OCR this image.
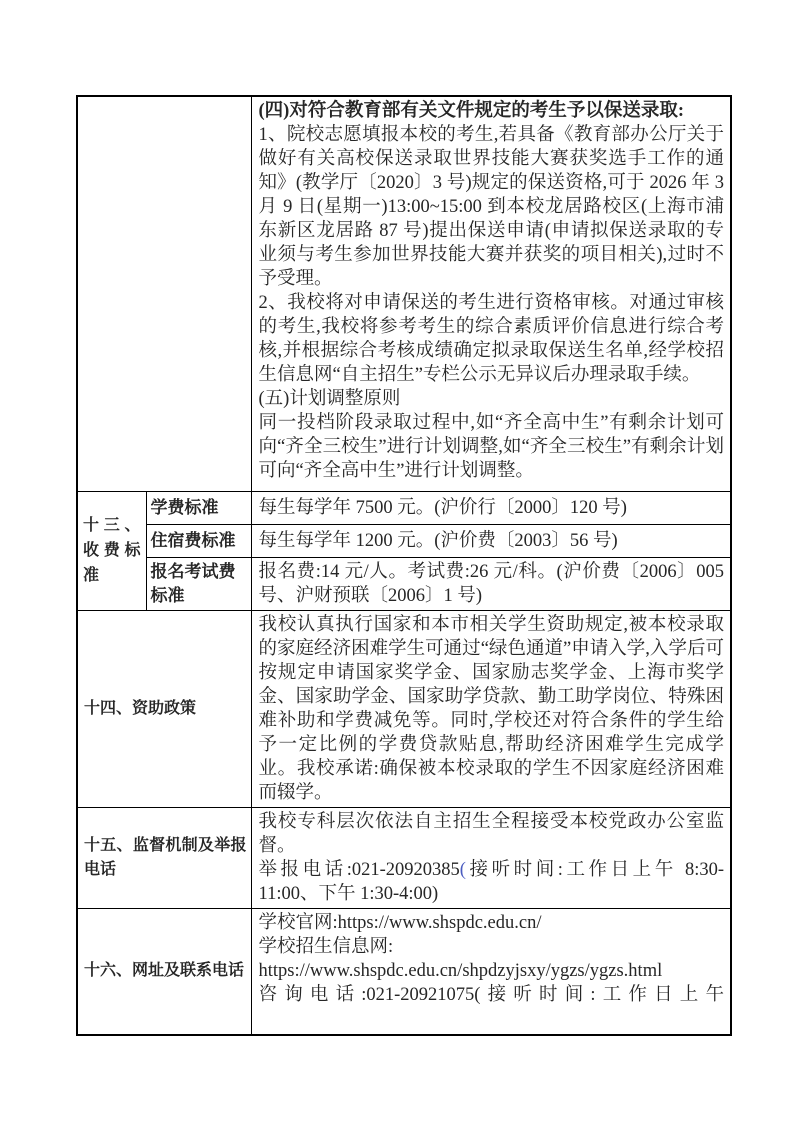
		(四)对符合教育部有关文件规定的考生予以保送录取:

1、院校志愿填报本校的考生,若具备《教育部办公厅关于做好有关高校保送录取世界技能大赛获奖选手工作的通知》(教学厅〔2020〕3 号)规定的保送资格,可于 2026 年 3 月 9 日(星期一)13:00~15:00 到本校龙居路校区(上海市浦东新区龙居路 87 号)提出保送申请(申请拟保送录取的专业须与考生参加世界技能大赛并获奖的项目相关),过时不予受理。

2、我校将对申请保送的考生进行资格审核。对通过审核的考生,我校将参考考生的综合素质评价信息进行综合考核,并根据综合考核成绩确定拟录取保送生名单,经学校招生信息网“自主招生”专栏公示无异议后办理录取手续。

(五)计划调整原则

同一投档阶段录取过程中,如“齐全高中生”有剩余计划可向“齐全三校生”进行计划调整,如“齐全三校生”有剩余计划可向“齐全高中生”进行计划调整。

十三、收费标准	学费标准	每生每学年 7500 元。(沪价行〔2000〕120 号)
	住宿费标准	每生每学年 1200 元。(沪价费〔2003〕56 号)
	报名考试费标准	报名费:14 元/人。考试费:26 元/科。(沪价费〔2006〕005 号、沪财预联〔2006〕1 号)

十四、资助政策		我校认真执行国家和本市相关学生资助规定,被本校录取的家庭经济困难学生可通过“绿色通道”申请入学,入学后可按规定申请国家奖学金、国家励志奖学金、上海市奖学金、国家助学金、国家助学贷款、勤工助学岗位、特殊困难补助和学费减免等。同时,学校还对符合条件的学生给予一定比例的学费贷款贴息,帮助经济困难学生完成学业。我校承诺:确保被本校录取的学生不因家庭经济困难而辍学。

十五、监督机制及举报电话		我校专科层次依法自主招生全程接受本校党政办公室监督。

举报电话:021-20920385(接听时间:工作日上午 8:30-11:00、下午 1:30-4:00)

十六、网址及联系电话		学校官网:https://www.shspdc.edu.cn/

学校招生信息网:

https://www.shspdc.edu.cn/shpdzyjsxy/ygzs/ygzs.html

咨询电话:021-20921075(接听时间:工作日上午
